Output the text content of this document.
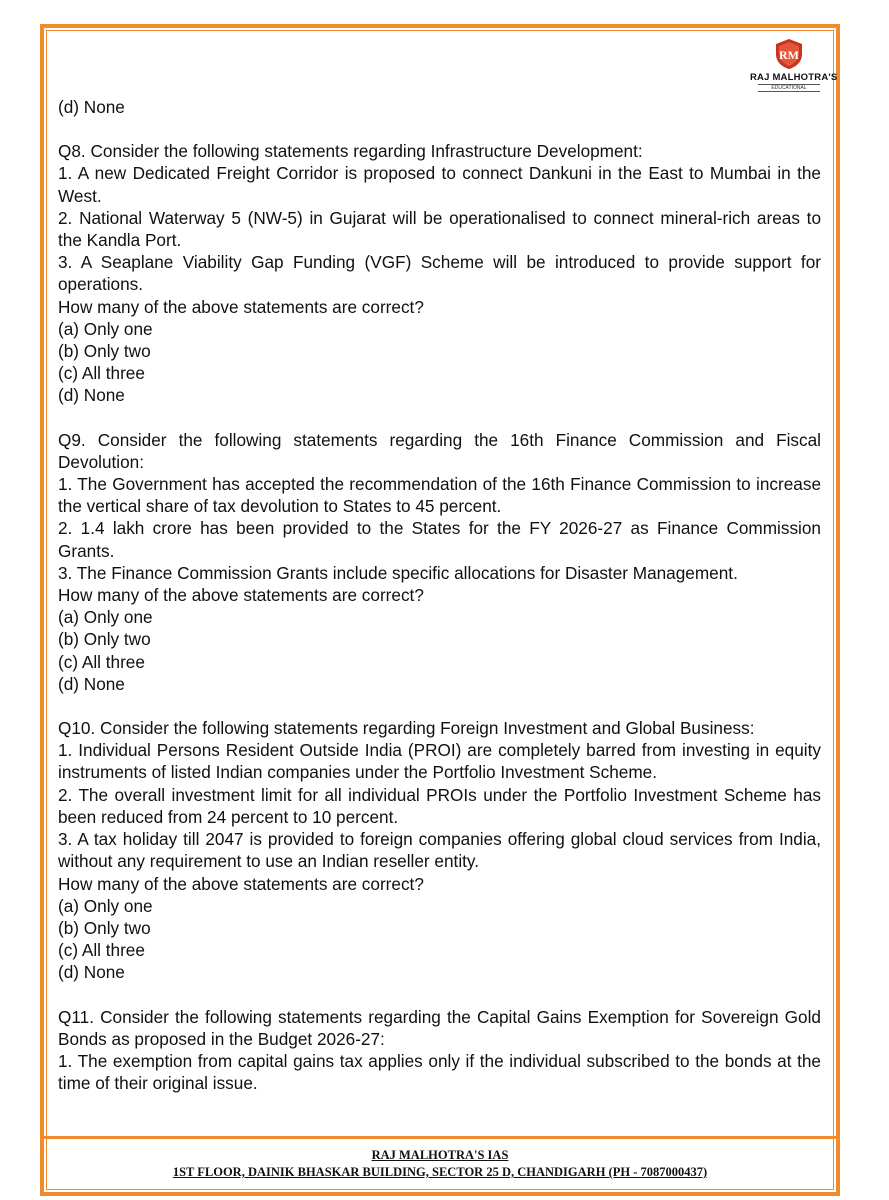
RM
RAJ MALHOTRA'S
EDUCATIONAL

(d) None

Q8. Consider the following statements regarding Infrastructure Development:

1. A new Dedicated Freight Corridor is proposed to connect Dankuni in the East to Mumbai in the West.

2. National Waterway 5 (NW-5) in Gujarat will be operationalised to connect mineral-rich areas to the Kandla Port.

3. A Seaplane Viability Gap Funding (VGF) Scheme will be introduced to provide support for operations.

How many of the above statements are correct?

(a) Only one

(b) Only two

(c) All three

(d) None

Q9. Consider the following statements regarding the 16th Finance Commission and Fiscal Devolution:

1. The Government has accepted the recommendation of the 16th Finance Commission to increase the vertical share of tax devolution to States to 45 percent.

2. 1.4 lakh crore has been provided to the States for the FY 2026-27 as Finance Commission Grants.

3. The Finance Commission Grants include specific allocations for Disaster Management.

How many of the above statements are correct?

(a) Only one

(b) Only two

(c) All three

(d) None

Q10. Consider the following statements regarding Foreign Investment and Global Business:

1. Individual Persons Resident Outside India (PROI) are completely barred from investing in equity instruments of listed Indian companies under the Portfolio Investment Scheme.

2. The overall investment limit for all individual PROIs under the Portfolio Investment Scheme has been reduced from 24 percent to 10 percent.

3. A tax holiday till 2047 is provided to foreign companies offering global cloud services from India, without any requirement to use an Indian reseller entity.

How many of the above statements are correct?

(a) Only one

(b) Only two

(c) All three

(d) None

Q11. Consider the following statements regarding the Capital Gains Exemption for Sovereign Gold Bonds as proposed in the Budget 2026-27:

1. The exemption from capital gains tax applies only if the individual subscribed to the bonds at the time of their original issue.

RAJ MALHOTRA'S IAS
1ST FLOOR, DAINIK BHASKAR BUILDING, SECTOR 25 D, CHANDIGARH (PH - 7087000437)
